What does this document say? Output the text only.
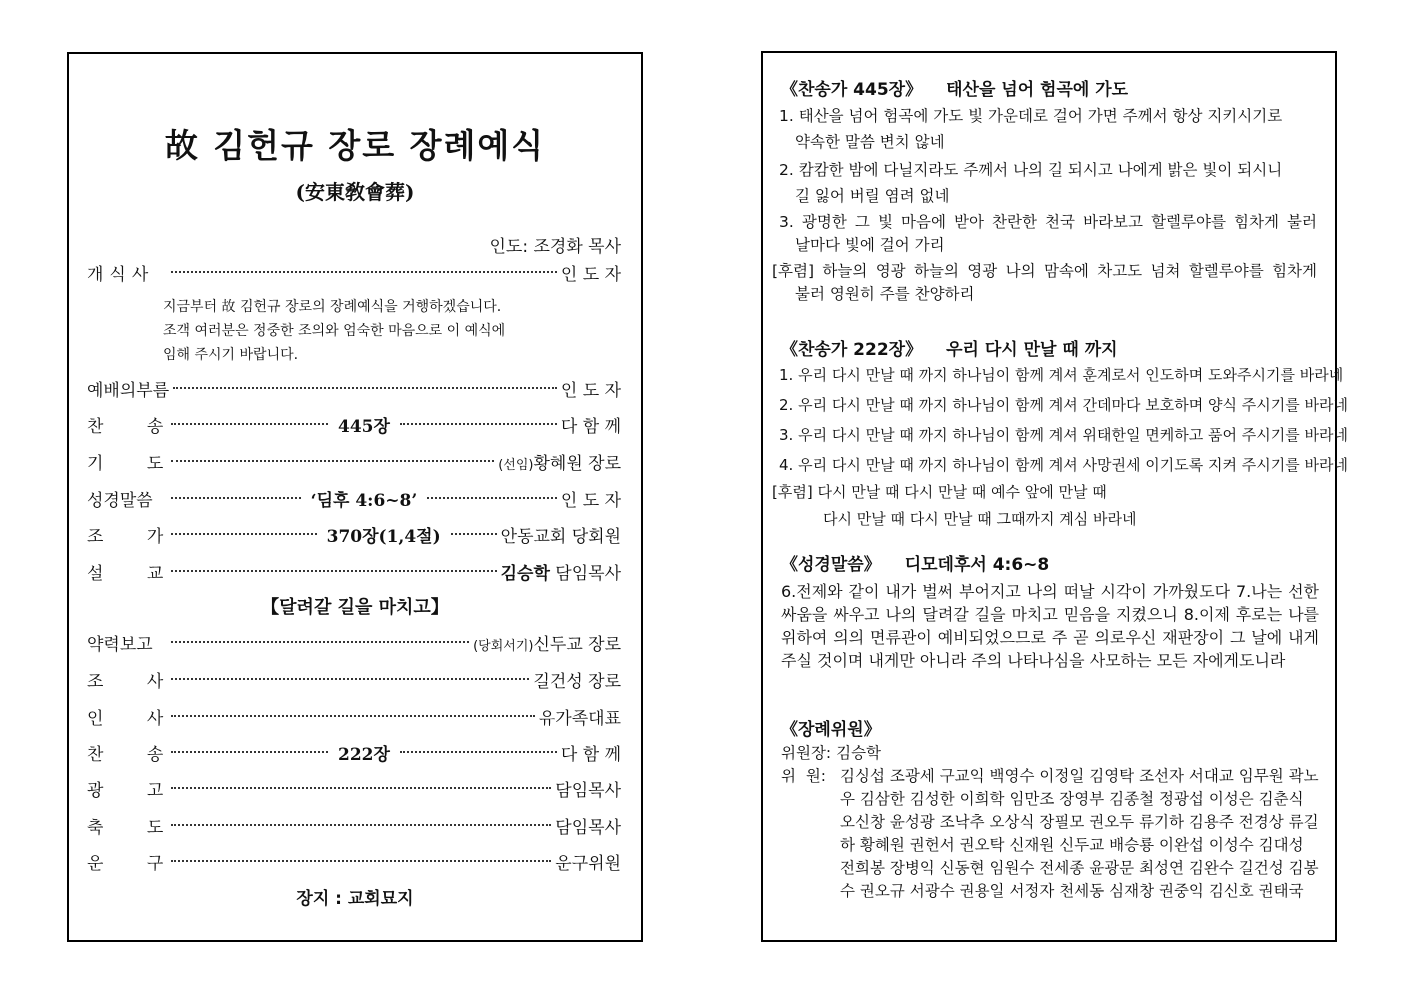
故 김헌규 장로 장례예식
(安東敎會葬)
인도: 조경화 목사
개식사	인 도 자
지금부터 故 김헌규 장로의 장례예식을 거행하겠습니다.
조객 여러분은 정중한 조의와 엄숙한 마음으로 이 예식에
임해 주시기 바랍니다.
예배의부름	인 도 자
찬 송	445장	다 함 께
기 도	(선임)황혜원 장로
성경말씀	‘딤후 4:6~8’	인 도 자
조 가	370장(1,4절)	안동교회 당회원
설 교	김승학 담임목사
【달려갈 길을 마치고】
약력보고	(당회서기)신두교 장로
조 사	길건성 장로
인 사	유가족대표
찬 송	222장	다 함 께
광 고	담임목사
축 도	담임목사
운 구	운구위원
장지 : 교회묘지
《찬송가 445장》 태산을 넘어 험곡에 가도
1. 태산을 넘어 험곡에 가도 빛 가운데로 걸어 가면 주께서 항상 지키시기로
약속한 말씀 변치 않네
2. 캄캄한 밤에 다닐지라도 주께서 나의 길 되시고 나에게 밝은 빛이 되시니
길 잃어 버릴 염려 없네
3. 광명한 그 빛 마음에 받아 찬란한 천국 바라보고 할렐루야를 힘차게 불러
날마다 빛에 걸어 가리
[후렴] 하늘의 영광 하늘의 영광 나의 맘속에 차고도 넘쳐 할렐루야를 힘차게
불러 영원히 주를 찬양하리
《찬송가 222장》 우리 다시 만날 때 까지
1. 우리 다시 만날 때 까지 하나님이 함께 계셔 훈계로서 인도하며 도와주시기를 바라네
2. 우리 다시 만날 때 까지 하나님이 함께 계셔 간데마다 보호하며 양식 주시기를 바라네
3. 우리 다시 만날 때 까지 하나님이 함께 계셔 위태한일 면케하고 품어 주시기를 바라네
4. 우리 다시 만날 때 까지 하나님이 함께 계셔 사망권세 이기도록 지켜 주시기를 바라네
[후렴] 다시 만날 때 다시 만날 때 예수 앞에 만날 때
다시 만날 때 다시 만날 때 그때까지 계심 바라네
《성경말씀》 디모데후서 4:6~8
6.전제와 같이 내가 벌써 부어지고 나의 떠날 시각이 가까웠도다 7.나는 선한 싸움을 싸우고 나의 달려갈 길을 마치고 믿음을 지켰으니 8.이제 후로는 나를 위하여 의의 면류관이 예비되었으므로 주 곧 의로우신 재판장이 그 날에 내게 주실 것이며 내게만 아니라 주의 나타나심을 사모하는 모든 자에게도니라
《장례위원》
위원장: 김승학
위  원: 김싱섭 조광세 구교익 백영수 이정일 김영탁 조선자 서대교 임무원 곽노우 김삼한 김성한 이희학 임만조 장영부 김종철 정광섭 이성은 김춘식 오신창 윤성광 조낙추 오상식 장필모 권오두 류기하 김용주 전경상 류길하 황혜원 권헌서 권오탁 신재원 신두교 배승룡 이완섭 이성수 김대성 전희봉 장병익 신동현 임원수 전세종 윤광문 최성연 김완수 길건성 김봉수 권오규 서광수 권용일 서정자 천세동 심재창 권중익 김신호 권태국
